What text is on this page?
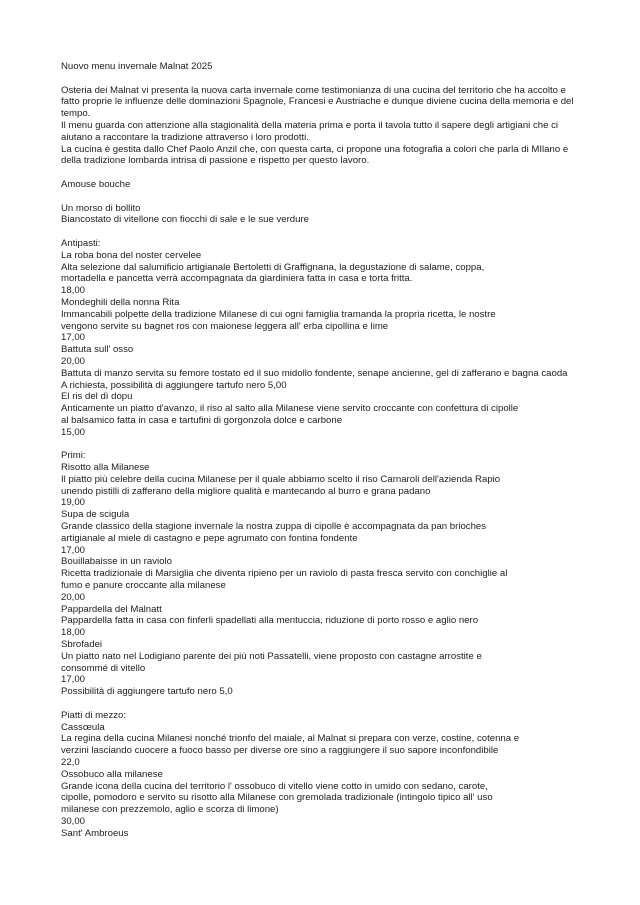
Nuovo menu invernale Malnat 2025
Osteria dei Malnat vi presenta la nuova carta invernale come testimonianza di una cucina del territorio che ha accolto e
fatto proprie le influenze delle dominazioni Spagnole, Francesi e Austriache e dunque diviene cucina della memoria e del
tempo.
Il menu guarda con attenzione alla stagionalità della materia prima e porta il tavola tutto il sapere degli artigiani che ci
aiutano a raccontare la tradizione attraverso i loro prodotti.
La cucina è gestita dallo Chef Paolo Anzil che, con questa carta, ci propone una fotografia a colori che parla di MIlano e
della tradizione lombarda intrisa di passione e rispetto per questo lavoro.
Amouse bouche
Un morso di bollito
Biancostato di vitellone con fiocchi di sale e le sue verdure
Antipasti:
La roba bona del noster cervelee
Alta selezione dal salumificio artigianale Bertoletti di Graffignana, la degustazione di salame, coppa,
mortadella e pancetta verrà accompagnata da giardiniera fatta in casa e torta fritta.
18,00
Mondeghili della nonna Rita
Immancabili polpette della tradizione Milanese di cui ogni famiglia tramanda la propria ricetta, le nostre
vengono servite su bagnet ros con maionese leggera all' erba cipollina e lime
17,00
Battuta sull' osso
20,00
Battuta di manzo servita su femore tostato ed il suo midollo fondente, senape ancienne, gel di zafferano e bagna caoda
A richiesta, possibilità di aggiungere tartufo nero 5,00
El ris del dì dopu
Anticamente un piatto d'avanzo, il riso al salto alla Milanese viene servito croccante con confettura di cipolle
al balsamico fatta in casa e tartufini di gorgonzola dolce e carbone
15,00
Primi:
Risotto alla Milanese
Il piatto più celebre della cucina Milanese per il quale abbiamo scelto il riso Carnaroli dell'azienda Rapio
unendo pistilli di zafferano della migliore qualità e mantecando al burro e grana padano
19,00
Supa de scigula
Grande classico della stagione invernale la nostra zuppa di cipolle è accompagnata da pan brioches
artigianale al miele di castagno e pepe agrumato con fontina fondente
17,00
Bouillabaisse in un raviolo
Ricetta tradizionale di Marsiglia che diventa ripieno per un raviolo di pasta fresca servito con conchiglie al
fumo e panure croccante alla milanese
20,00
Pappardella del Malnatt
Pappardella fatta in casa con finferli spadellati alla mentuccia, riduzione di porto rosso e aglio nero
18,00
Sbrofadei
Un piatto nato nel Lodigiano parente dei più noti Passatelli, viene proposto con castagne arrostite e
consommé di vitello
17,00
Possibilità di aggiungere tartufo nero 5,0
Piatti di mezzo:
Cassœula
La regina della cucina Milanesi nonché trionfo del maiale, al Malnat si prepara con verze, costine, cotenna e
verzini lasciando cuocere a fuoco basso per diverse ore sino a raggiungere il suo sapore inconfondibile
22,0
Ossobuco alla milanese
Grande icona della cucina del territorio l' ossobuco di vitello viene cotto in umido con sedano, carote,
cipolle, pomodoro e servito su risotto alla Milanese con gremolada tradizionale (intingolo tipico all' uso
milanese con prezzemolo, aglio e scorza di limone)
30,00
Sant' Ambroeus
